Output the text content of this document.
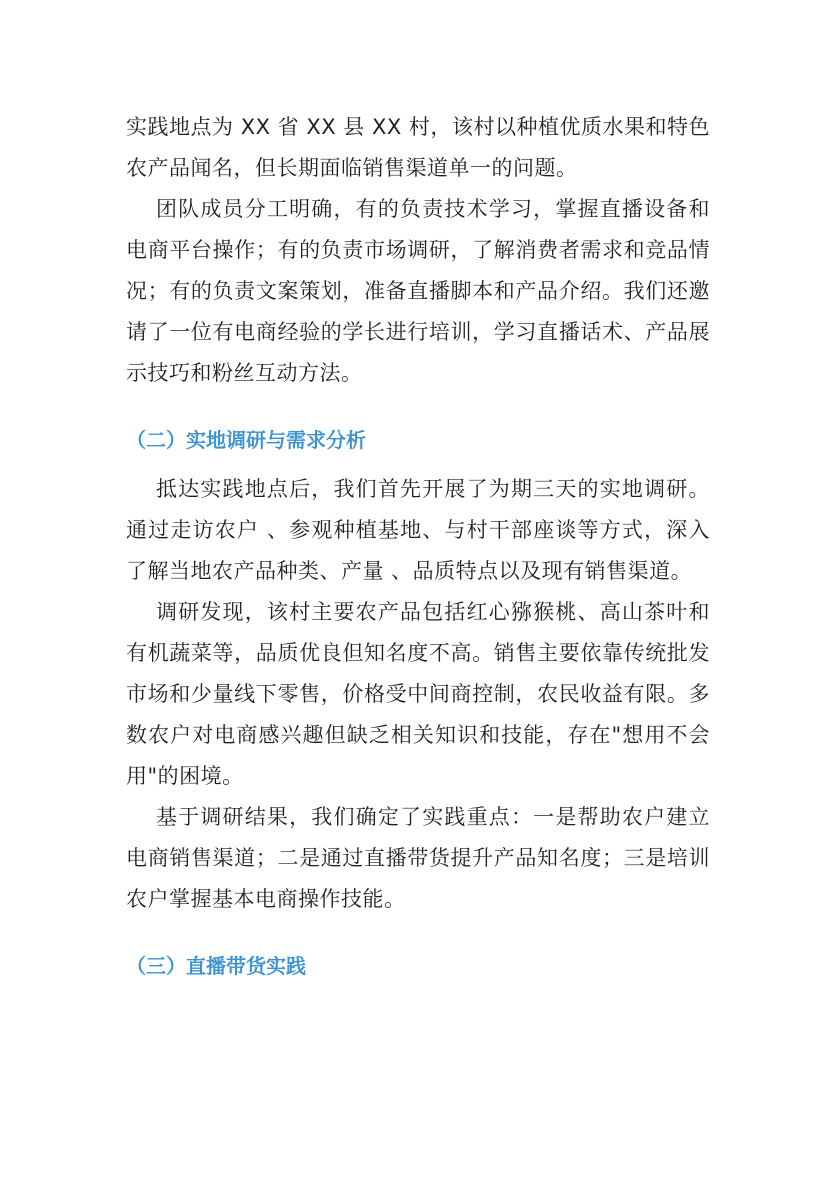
实践地点为 XX 省 XX 县 XX 村，该村以种植优质水果和特色农产品闻名，但长期面临销售渠道单一的问题。

团队成员分工明确，有的负责技术学习，掌握直播设备和电商平台操作；有的负责市场调研，了解消费者需求和竞品情况；有的负责文案策划，准备直播脚本和产品介绍。我们还邀请了一位有电商经验的学长进行培训，学习直播话术、产品展示技巧和粉丝互动方法。

（二）实地调研与需求分析

抵达实践地点后，我们首先开展了为期三天的实地调研。通过走访农户 、参观种植基地、与村干部座谈等方式，深入了解当地农产品种类、产量 、品质特点以及现有销售渠道。

调研发现，该村主要农产品包括红心猕猴桃、高山茶叶和有机蔬菜等，品质优良但知名度不高。销售主要依靠传统批发市场和少量线下零售，价格受中间商控制，农民收益有限。多数农户对电商感兴趣但缺乏相关知识和技能，存在"想用不会用"的困境。

基于调研结果，我们确定了实践重点：一是帮助农户建立电商销售渠道；二是通过直播带货提升产品知名度；三是培训农户掌握基本电商操作技能。

（三）直播带货实践
